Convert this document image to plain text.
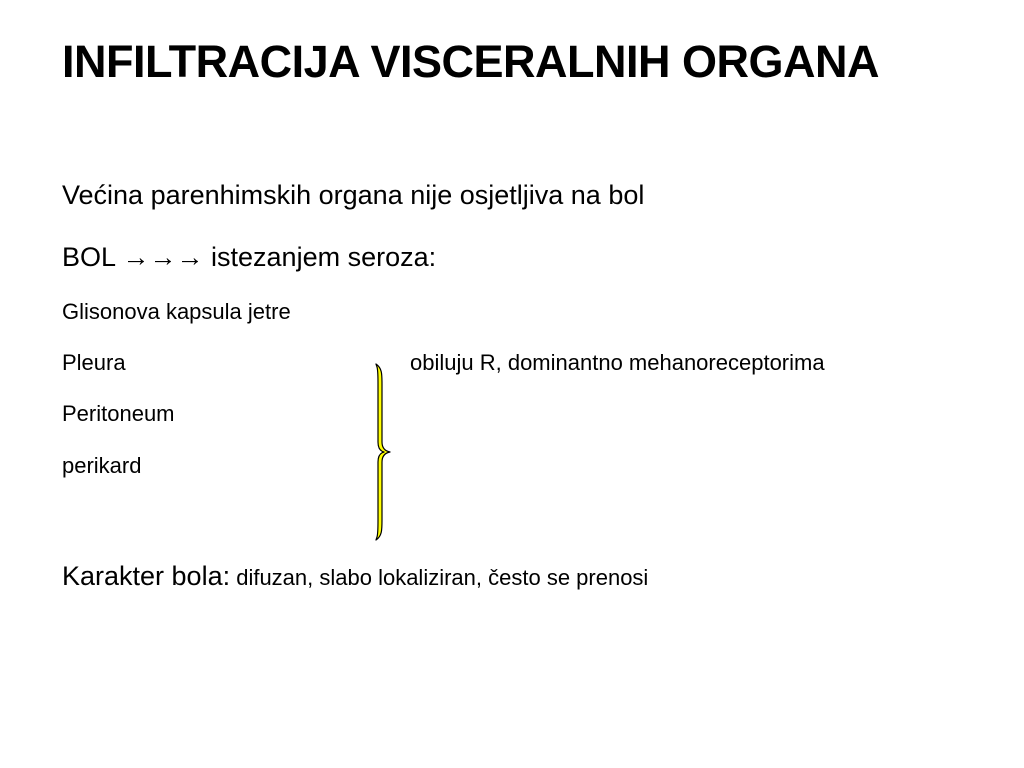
INFILTRACIJA VISCERALNIH ORGANA
Većina parenhimskih organa nije osjetljiva na bol
BOL →→→ istezanjem seroza:
Glisonova kapsula jetre
Pleura
Peritoneum
perikard
obiluju R, dominantno mehanoreceptorima
Karakter bola: difuzan, slabo lokaliziran, često se prenosi
